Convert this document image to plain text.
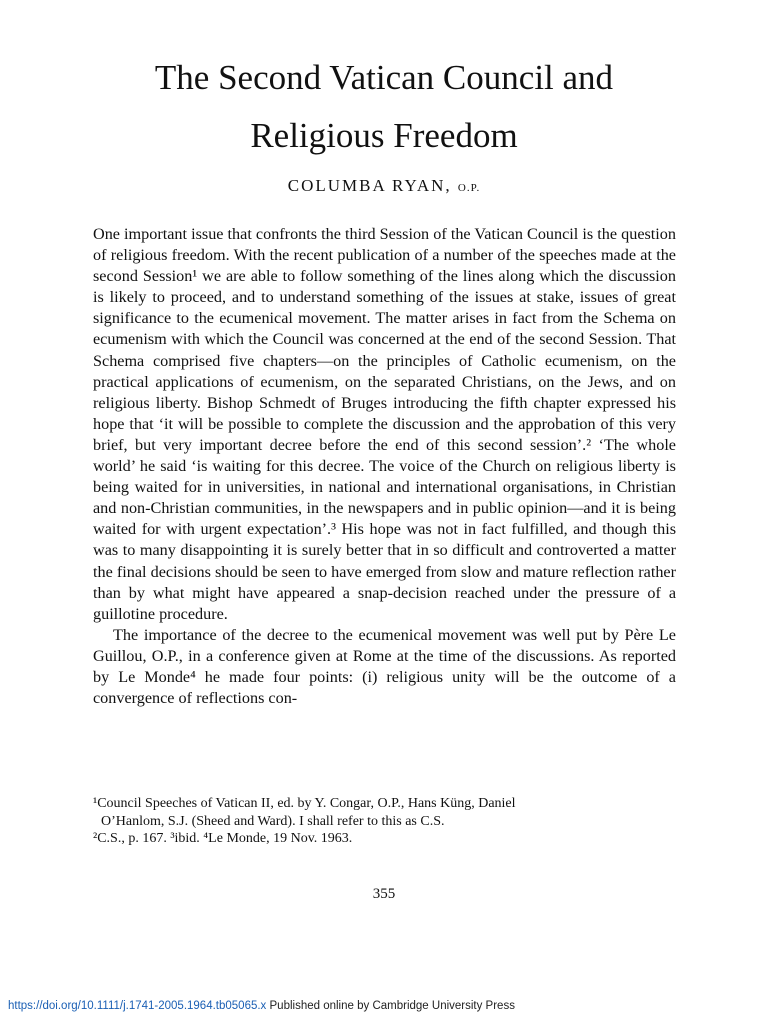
The Second Vatican Council and
Religious Freedom
COLUMBA RYAN, O.P.

One important issue that confronts the third Session of the Vatican Council is the question of religious freedom. With the recent publication of a number of the speeches made at the second Session¹ we are able to follow something of the lines along which the discussion is likely to proceed, and to understand something of the issues at stake, issues of great significance to the ecumenical movement. The matter arises in fact from the Schema on ecumenism with which the Council was concerned at the end of the second Session. That Schema comprised five chapters—on the principles of Catholic ecumenism, on the practical applications of ecumenism, on the separated Christians, on the Jews, and on religious liberty. Bishop Schmedt of Bruges introducing the fifth chapter expressed his hope that ‘it will be possible to complete the discussion and the approbation of this very brief, but very important decree before the end of this second session’.² ‘The whole world’ he said ‘is waiting for this decree. The voice of the Church on religious liberty is being waited for in universities, in national and international organisations, in Christian and non-Christian communities, in the newspapers and in public opinion—and it is being waited for with urgent expectation’.³ His hope was not in fact fulfilled, and though this was to many disappointing it is surely better that in so difficult and controverted a matter the final decisions should be seen to have emerged from slow and mature reflection rather than by what might have appeared a snap-decision reached under the pressure of a guillotine procedure.

The importance of the decree to the ecumenical movement was well put by Père Le Guillou, O.P., in a conference given at Rome at the time of the discussions. As reported by Le Monde⁴ he made four points: (i) religious unity will be the outcome of a convergence of reflections con-

¹Council Speeches of Vatican II, ed. by Y. Congar, O.P., Hans Küng, Daniel
O’Hanlom, S.J. (Sheed and Ward). I shall refer to this as C.S.
²C.S., p. 167. ³ibid. ⁴Le Monde, 19 Nov. 1963.
355
https://doi.org/10.1111/j.1741-2005.1964.tb05065.x Published online by Cambridge University Press
